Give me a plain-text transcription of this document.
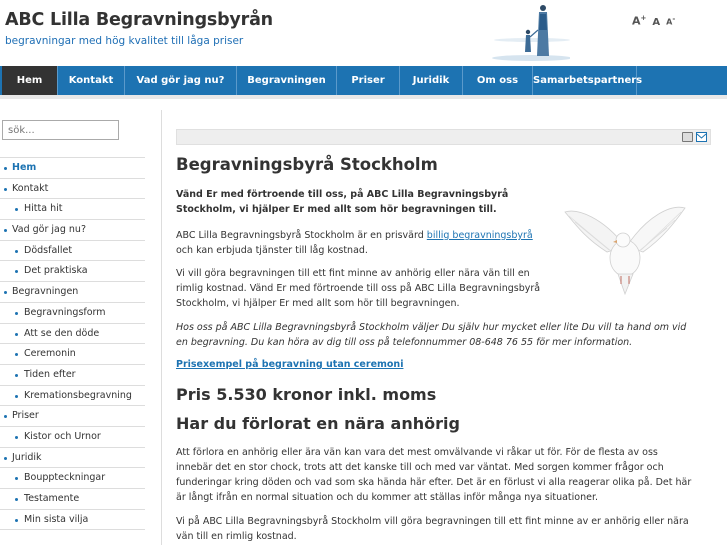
ABC Lilla Begravningsbyrån
begravningar med hög kvalitet till låga priser
A+ A A-
Hem	Kontakt	Vad gör jag nu?	Begravningen	Priser	Juridik	Om oss	Samarbetspartners
sök...
Hem
Kontakt
Hitta hit
Vad gör jag nu?
Dödsfallet
Det praktiska
Begravningen
Begravningsform
Att se den döde
Ceremonin
Tiden efter
Kremationsbegravning
Priser
Kistor och Urnor
Juridik
Bouppteckningar
Testamente
Min sista vilja
Begravningsbyrå Stockholm
Vänd Er med förtroende till oss, på ABC Lilla Begravningsbyrå Stockholm, vi hjälper Er med allt som hör begravningen till.
ABC Lilla Begravningsbyrå Stockholm är en prisvärd billig begravningsbyrå och kan erbjuda tjänster till låg kostnad.
Vi vill göra begravningen till ett fint minne av anhörig eller nära vän till en rimlig kostnad. Vänd Er med förtroende till oss på ABC Lilla Begravningsbyrå Stockholm, vi hjälper Er med allt som hör till begravningen.
Hos oss på ABC Lilla Begravningsbyrå Stockholm väljer Du själv hur mycket eller lite Du vill ta hand om vid en begravning. Du kan höra av dig till oss på telefonnummer 08-648 76 55 för mer information.
Prisexempel på begravning utan ceremoni
Pris 5.530 kronor inkl. moms
Har du förlorat en nära anhörig
Att förlora en anhörig eller ära vän kan vara det mest omvälvande vi råkar ut för. För de flesta av oss innebär det en stor chock, trots att det kanske till och med var väntat. Med sorgen kommer frågor och funderingar kring döden och vad som ska hända här efter. Det är en förlust vi alla reagerar olika på. Det här är långt ifrån en normal situation och du kommer att ställas inför många nya situationer.
Vi på ABC Lilla Begravningsbyrå Stockholm vill göra begravningen till ett fint minne av er anhörig eller nära vän till en rimlig kostnad.
